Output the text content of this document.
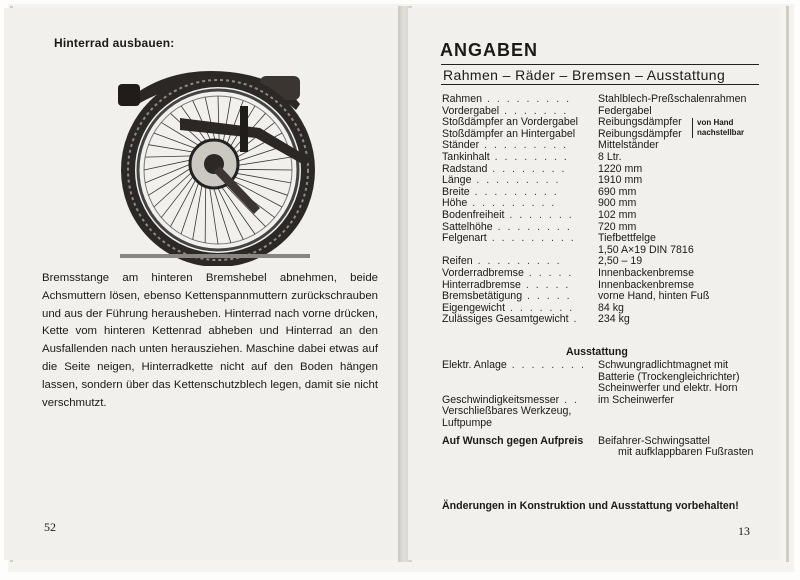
Hinterrad ausbauen:

Bremsstange am hinteren Bremshebel abnehmen, beide Achsmuttern lösen, ebenso Kettenspannmuttern zurückschrauben und aus der Führung herausheben. Hinterrad nach vorne drücken, Kette vom hinteren Kettenrad abheben und Hinterrad an den Ausfallenden nach unten herausziehen. Maschine dabei etwas auf die Seite neigen, Hinterradkette nicht auf den Boden hängen lassen, sondern über das Kettenschutzblech legen, damit sie nicht verschmutzt.

52
ANGABEN
Rahmen – Räder – Bremsen – Ausstattung
Rahmen . . . . . . . . .	Stahlblech-Preßschalenrahmen
Vordergabel . . . . . . .	Federgabel
Stoßdämpfer an Vordergabel	Reibungsdämpfer
Stoßdämpfer an Hintergabel	Reibungsdämpfer
Ständer . . . . . . . . .	Mittelständer
Tankinhalt . . . . . . . .	8 Ltr.
Radstand . . . . . . . .	1220 mm
Länge . . . . . . . . .	1910 mm
Breite . . . . . . . . .	690 mm
Höhe . . . . . . . . .	900 mm
Bodenfreiheit . . . . . . .	102 mm
Sattelhöhe . . . . . . . .	720 mm
Felgenart . . . . . . . . .	Tiefbettfelge
1,50 A×19 DIN 7816
Reifen . . . . . . . . .	2,50 – 19
Vorderradbremse . . . . .	Innenbackenbremse
Hinterradbremse . . . . .	Innenbackenbremse
Bremsbetätigung . . . . .	vorne Hand, hinten Fuß
Eigengewicht . . . . . . .	84 kg
Zulässiges Gesamtgewicht .	234 kg
von Hand
nachstellbar
Ausstattung
Elektr. Anlage . . . . . . . .	Schwungradlichtmagnet mit
Batterie (Trockengleichrichter)
Scheinwerfer und elektr. Horn
Geschwindigkeitsmesser . .	im Scheinwerfer
Verschließbares Werkzeug,
Luftpumpe
Auf Wunsch gegen Aufpreis	Beifahrer-Schwingsattel
mit aufklappbaren Fußrasten
Änderungen in Konstruktion und Ausstattung vorbehalten!
13
